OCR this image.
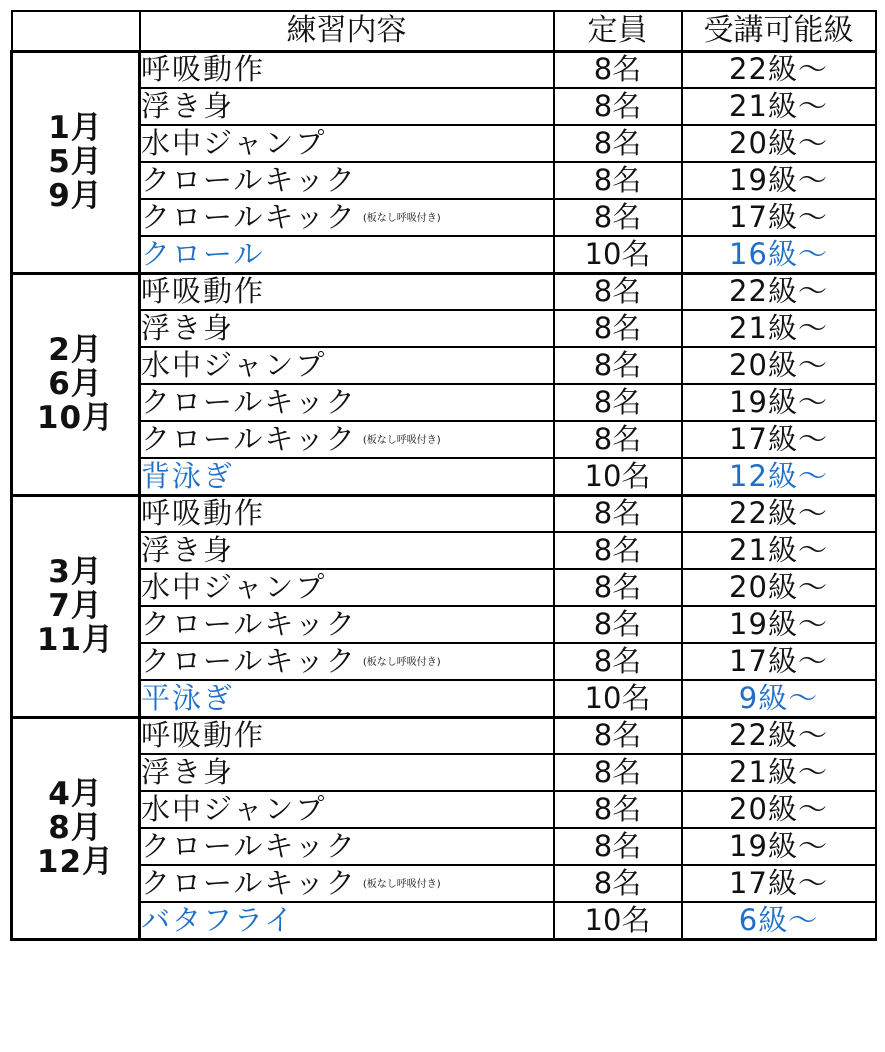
	練習内容	定員	受講可能級

1月
5月
9月	呼吸動作	8名	22級～
	浮き身	8名	21級～
	水中ジャンプ	8名	20級～
	クロールキック	8名	19級～
	クロールキック (板なし呼吸付き)	8名	17級～
	クロール	10名	16級～

2月
6月
10月	呼吸動作	8名	22級～
	浮き身	8名	21級～
	水中ジャンプ	8名	20級～
	クロールキック	8名	19級～
	クロールキック (板なし呼吸付き)	8名	17級～
	背泳ぎ	10名	12級～

3月
7月
11月	呼吸動作	8名	22級～
	浮き身	8名	21級～
	水中ジャンプ	8名	20級～
	クロールキック	8名	19級～
	クロールキック (板なし呼吸付き)	8名	17級～
	平泳ぎ	10名	9級～

4月
8月
12月	呼吸動作	8名	22級～
	浮き身	8名	21級～
	水中ジャンプ	8名	20級～
	クロールキック	8名	19級～
	クロールキック (板なし呼吸付き)	8名	17級～
	バタフライ	10名	6級～
